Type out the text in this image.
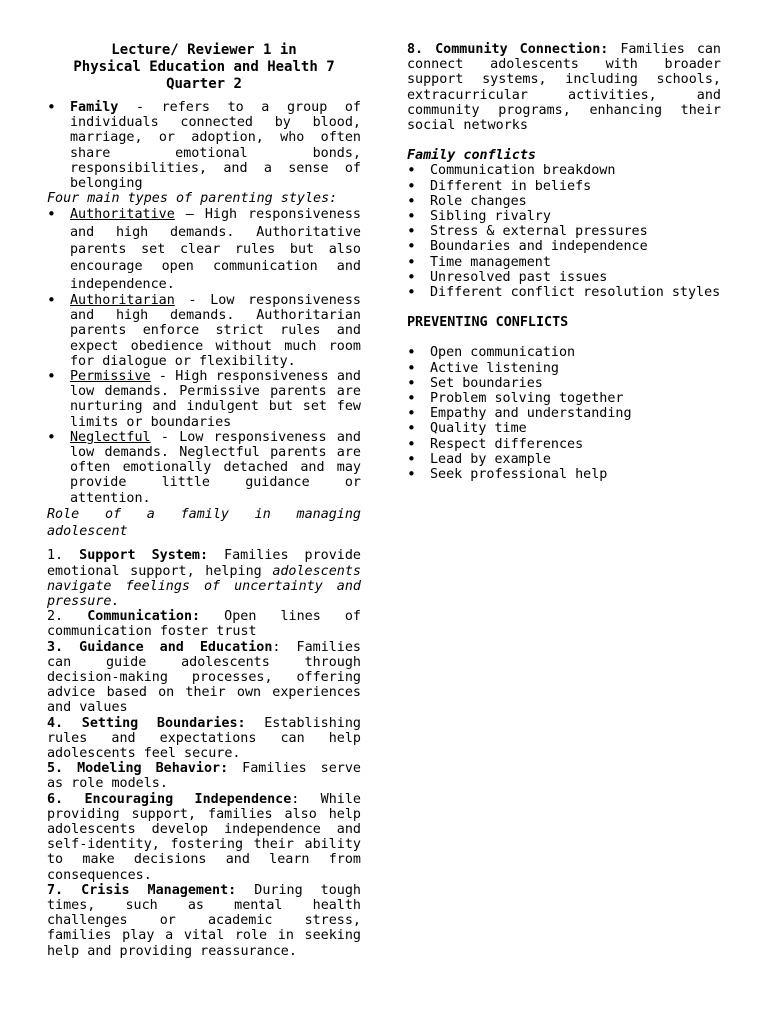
Lecture/ Reviewer 1 in
Physical Education and Health 7
Quarter 2
• Family - refers to a group of individuals connected by blood, marriage, or adoption, who often share emotional bonds, responsibilities, and a sense of belonging

Four main types of parenting styles:

• Authoritative – High responsiveness and high demands. Authoritative parents set clear rules but also encourage open communication and independence.
• Authoritarian - Low responsiveness and high demands. Authoritarian parents enforce strict rules and expect obedience without much room for dialogue or flexibility.
• Permissive - High responsiveness and low demands. Permissive parents are nurturing and indulgent but set few limits or boundaries
• Neglectful - Low responsiveness and low demands. Neglectful parents are often emotionally detached and may provide little guidance or attention.

Role of a family in managing adolescent

1. Support System: Families provide emotional support, helping adolescents navigate feelings of uncertainty and pressure.

2. Communication: Open lines of communication foster trust

3. Guidance and Education: Families can guide adolescents through decision-making processes, offering advice based on their own experiences and values

4. Setting Boundaries: Establishing rules and expectations can help adolescents feel secure.

5. Modeling Behavior: Families serve as role models.

6. Encouraging Independence: While providing support, families also help adolescents develop independence and self-identity, fostering their ability to make decisions and learn from consequences.

7. Crisis Management: During tough times, such as mental health challenges or academic stress, families play a vital role in seeking help and providing reassurance.

8. Community Connection: Families can connect adolescents with broader support systems, including schools, extracurricular activities, and community programs, enhancing their social networks

Family conflicts

• Communication breakdown
• Different in beliefs
• Role changes
• Sibling rivalry
• Stress & external pressures
• Boundaries and independence
• Time management
• Unresolved past issues
• Different conflict resolution styles

PREVENTING CONFLICTS

• Open communication
• Active listening
• Set boundaries
• Problem solving together
• Empathy and understanding
• Quality time
• Respect differences
• Lead by example
• Seek professional help
